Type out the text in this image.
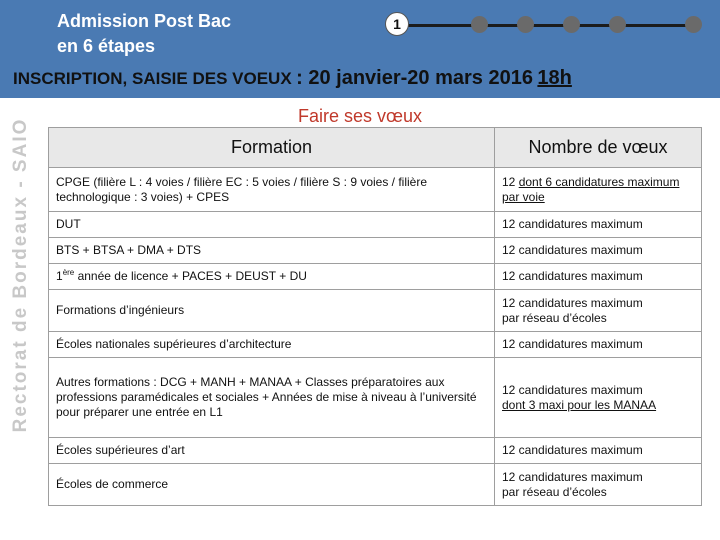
Admission Post Bac
en 6 étapes
1
INSCRIPTION, SAISIE DES VOEUX : 20 janvier-20 mars 2016 18h
Rectorat de Bordeaux - SAIO
Faire ses vœux
Formation	Nombre de vœux
CPGE (filière L : 4 voies / filière EC : 5 voies / filière S : 9 voies / filière technologique : 3 voies) + CPES	12 dont 6 candidatures maximum par voie
DUT	12 candidatures maximum
BTS + BTSA + DMA + DTS	12 candidatures maximum
1ère année de licence + PACES + DEUST + DU	12 candidatures maximum
Formations d’ingénieurs	12 candidatures maximum
par réseau d’écoles

Écoles nationales supérieures d’architecture	12 candidatures maximum
Autres formations : DCG + MANH + MANAA + Classes préparatoires aux professions paramédicales et sociales + Années de mise à niveau à l’université pour préparer une entrée en L1	12 candidatures maximum
dont 3 maxi pour les MANAA

Écoles supérieures d’art	12 candidatures maximum
Écoles de commerce	12 candidatures maximum
par réseau d’écoles
